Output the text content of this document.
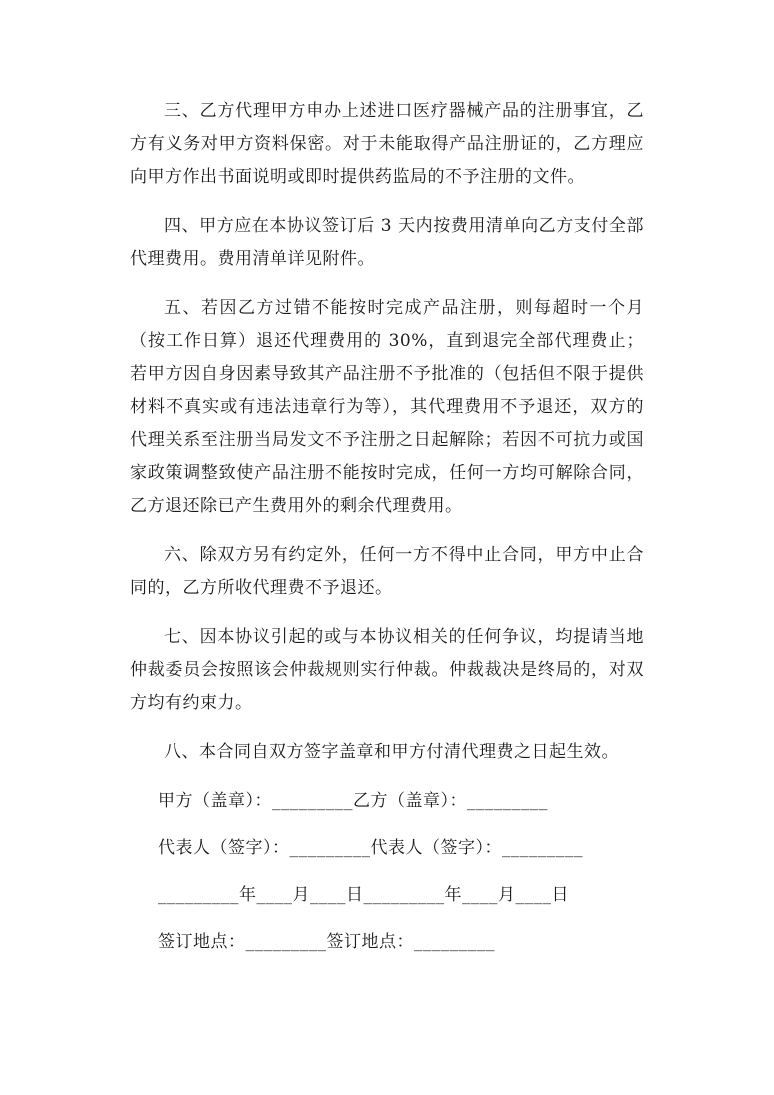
三、乙方代理甲方申办上述进口医疗器械产品的注册事宜，乙方有义务对甲方资料保密。对于未能取得产品注册证的，乙方理应向甲方作出书面说明或即时提供药监局的不予注册的文件。

四、甲方应在本协议签订后 3 天内按费用清单向乙方支付全部代理费用。费用清单详见附件。

五、若因乙方过错不能按时完成产品注册，则每超时一个月（按工作日算）退还代理费用的 30%，直到退完全部代理费止；若甲方因自身因素导致其产品注册不予批准的（包括但不限于提供材料不真实或有违法违章行为等），其代理费用不予退还，双方的代理关系至注册当局发文不予注册之日起解除；若因不可抗力或国家政策调整致使产品注册不能按时完成，任何一方均可解除合同，乙方退还除已产生费用外的剩余代理费用。

六、除双方另有约定外，任何一方不得中止合同，甲方中止合同的，乙方所收代理费不予退还。

七、因本协议引起的或与本协议相关的任何争议，均提请当地仲裁委员会按照该会仲裁规则实行仲裁。仲裁裁决是终局的，对双方均有约束力。

八、本合同自双方签字盖章和甲方付清代理费之日起生效。

甲方（盖章）：_________乙方（盖章）：_________
代表人（签字）：_________代表人（签字）：_________
_________年____月____日_________年____月____日
签订地点：_________签订地点：_________
